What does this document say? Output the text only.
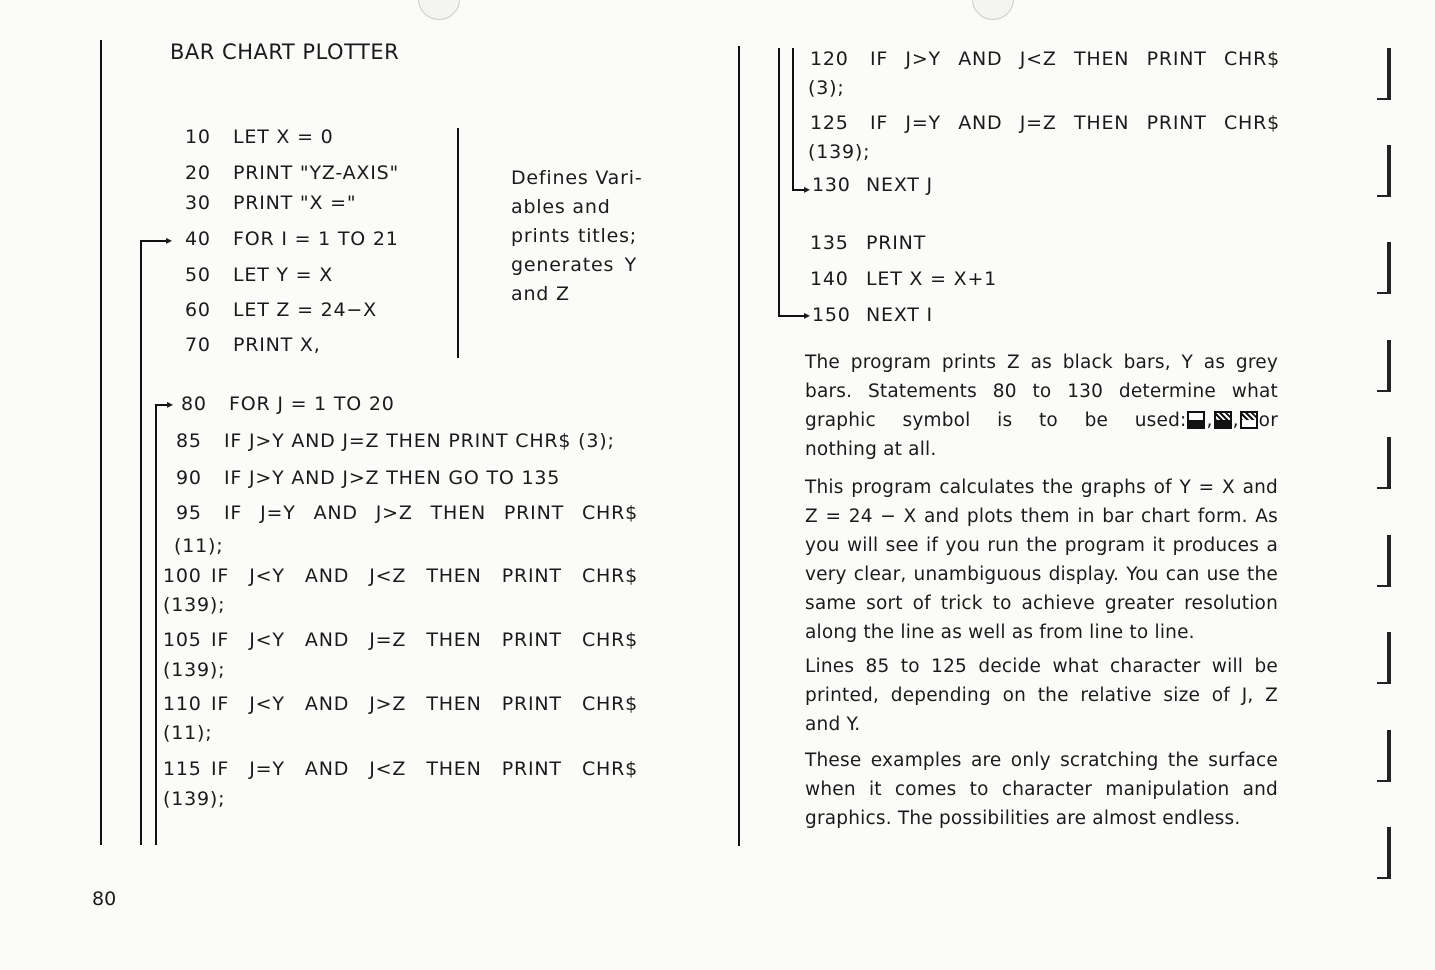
BAR CHART PLOTTER
▸
▸
10 LET X = 0
20 PRINT "YZ-AXIS"
30 PRINT "X ="
40 FOR I = 1 TO 21
50 LET Y = X
60 LET Z = 24−X
70 PRINT X,
80 FOR J = 1 TO 20
85 IF J>Y AND J=Z THEN PRINT CHR$ (3);
90 IF J>Y AND J>Z THEN GO TO 135
95 IF J=Y AND J>Z THEN PRINT CHR$
(11);
100 IF J<Y AND J<Z THEN PRINT CHR$
(139);
105 IF J<Y AND J=Z THEN PRINT CHR$
(139);
110 IF J<Y AND J>Z THEN PRINT CHR$
(11);
115 IF J=Y AND J<Z THEN PRINT CHR$
(139);
Defines Vari-
ables and
prints titles;
generates Y
and Z
80
▸
▸
120 IF J>Y AND J<Z THEN PRINT CHR$
(3);
125 IF J=Y AND J=Z THEN PRINT CHR$
(139);
130 NEXT J
135 PRINT
140 LET X = X+1
150 NEXT I
The program prints Z as black bars, Y as grey
bars. Statements 80 to 130 determine what
graphic symbol is to be used: , , or
nothing at all.
This program calculates the graphs of Y = X and
Z = 24 − X and plots them in bar chart form. As
you will see if you run the program it produces a
very clear, unambiguous display. You can use the
same sort of trick to achieve greater resolution
along the line as well as from line to line.
Lines 85 to 125 decide what character will be
printed, depending on the relative size of J, Z
and Y.
These examples are only scratching the surface
when it comes to character manipulation and
graphics. The possibilities are almost endless.
